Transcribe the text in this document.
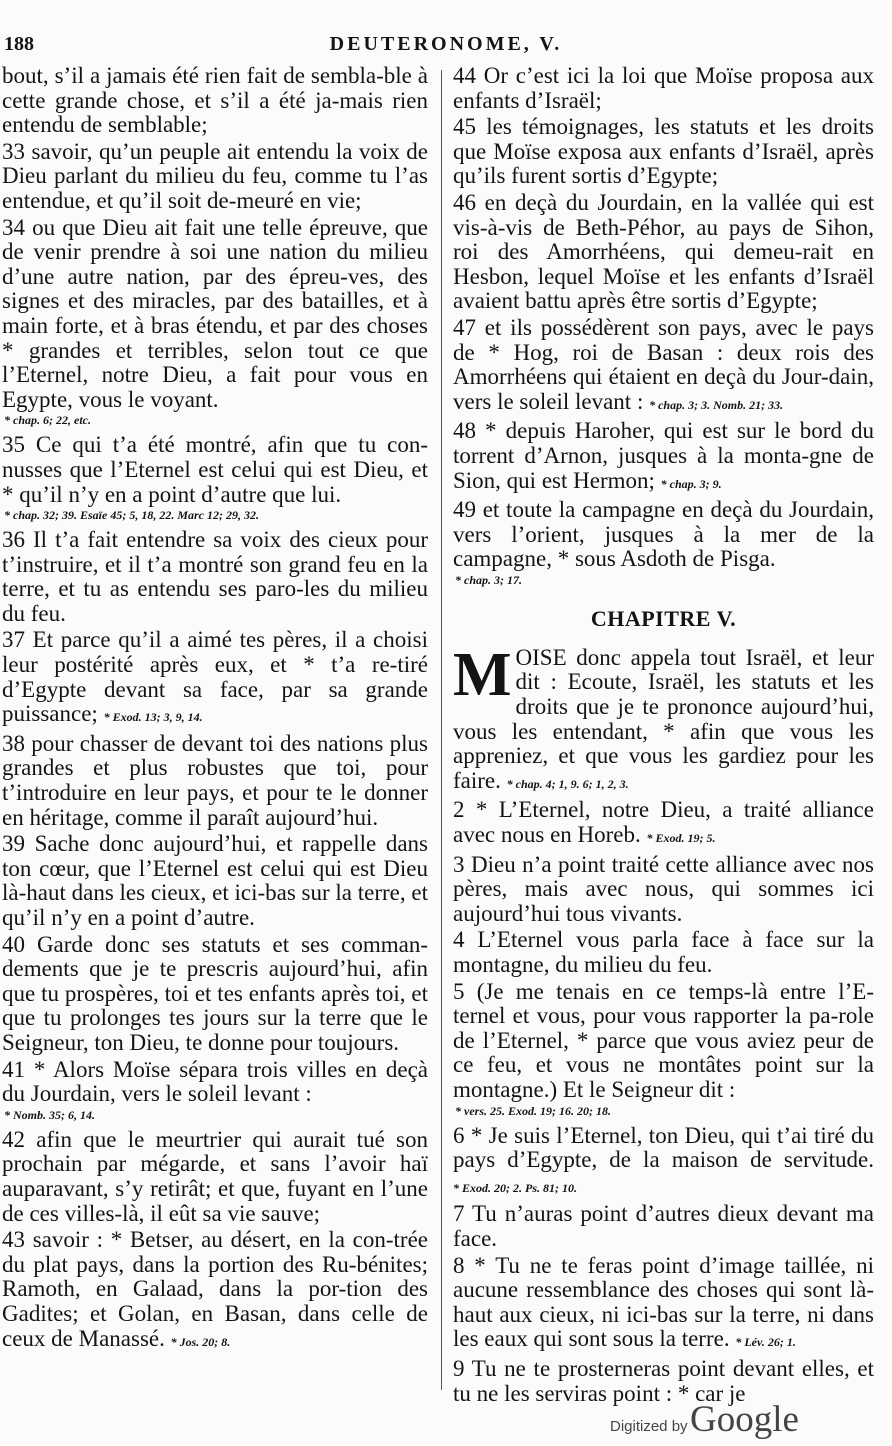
188	DEUTERONOME, V.

bout, s’il a jamais été rien fait de sembla-ble à cette grande chose, et s’il a été ja-mais rien entendu de semblable;

33 savoir, qu’un peuple ait entendu la voix de Dieu parlant du milieu du feu, comme tu l’as entendue, et qu’il soit de-meuré en vie;

34 ou que Dieu ait fait une telle épreuve, que de venir prendre à soi une nation du milieu d’une autre nation, par des épreu-ves, des signes et des miracles, par des batailles, et à main forte, et à bras étendu, et par des choses * grandes et terribles, selon tout ce que l’Eternel, notre Dieu, a fait pour vous en Egypte, vous le voyant.

* chap. 6; 22, etc.

35 Ce qui t’a été montré, afin que tu con-nusses que l’Eternel est celui qui est Dieu, et * qu’il n’y en a point d’autre que lui.

* chap. 32; 39. Esaïe 45; 5, 18, 22. Marc 12; 29, 32.

36 Il t’a fait entendre sa voix des cieux pour t’instruire, et il t’a montré son grand feu en la terre, et tu as entendu ses paro-les du milieu du feu.

37 Et parce qu’il a aimé tes pères, il a choisi leur postérité après eux, et * t’a re-tiré d’Egypte devant sa face, par sa grande puissance; * Exod. 13; 3, 9, 14.

38 pour chasser de devant toi des nations plus grandes et plus robustes que toi, pour t’introduire en leur pays, et pour te le donner en héritage, comme il paraît aujourd’hui.

39 Sache donc aujourd’hui, et rappelle dans ton cœur, que l’Eternel est celui qui est Dieu là-haut dans les cieux, et ici-bas sur la terre, et qu’il n’y en a point d’autre.

40 Garde donc ses statuts et ses comman-dements que je te prescris aujourd’hui, afin que tu prospères, toi et tes enfants après toi, et que tu prolonges tes jours sur la terre que le Seigneur, ton Dieu, te donne pour toujours.

41 * Alors Moïse sépara trois villes en deçà du Jourdain, vers le soleil levant :

* Nomb. 35; 6, 14.

42 afin que le meurtrier qui aurait tué son prochain par mégarde, et sans l’avoir haï auparavant, s’y retirât; et que, fuyant en l’une de ces villes-là, il eût sa vie sauve;

43 savoir : * Betser, au désert, en la con-trée du plat pays, dans la portion des Ru-bénites; Ramoth, en Galaad, dans la por-tion des Gadites; et Golan, en Basan, dans celle de ceux de Manassé. * Jos. 20; 8.

44 Or c’est ici la loi que Moïse proposa aux enfants d’Israël;

45 les témoignages, les statuts et les droits que Moïse exposa aux enfants d’Israël, après qu’ils furent sortis d’Egypte;

46 en deçà du Jourdain, en la vallée qui est vis-à-vis de Beth-Péhor, au pays de Sihon, roi des Amorrhéens, qui demeu-rait en Hesbon, lequel Moïse et les enfants d’Israël avaient battu après être sortis d’Egypte;

47 et ils possédèrent son pays, avec le pays de * Hog, roi de Basan : deux rois des Amorrhéens qui étaient en deçà du Jour-dain, vers le soleil levant : * chap. 3; 3. Nomb. 21; 33.

48 * depuis Haroher, qui est sur le bord du torrent d’Arnon, jusques à la monta-gne de Sion, qui est Hermon; * chap. 3; 9.

49 et toute la campagne en deçà du Jourdain, vers l’orient, jusques à la mer de la campagne, * sous Asdoth de Pisga.

* chap. 3; 17.
CHAPITRE V.

MOISE donc appela tout Israël, et leur dit : Ecoute, Israël, les statuts et les droits que je te prononce aujourd’hui, vous les entendant, * afin que vous les appreniez, et que vous les gardiez pour les faire. * chap. 4; 1, 9. 6; 1, 2, 3.

2 * L’Eternel, notre Dieu, a traité alliance avec nous en Horeb. * Exod. 19; 5.

3 Dieu n’a point traité cette alliance avec nos pères, mais avec nous, qui sommes ici aujourd’hui tous vivants.

4 L’Eternel vous parla face à face sur la montagne, du milieu du feu.

5 (Je me tenais en ce temps-là entre l’E-ternel et vous, pour vous rapporter la pa-role de l’Eternel, * parce que vous aviez peur de ce feu, et vous ne montâtes point sur la montagne.) Et le Seigneur dit :

* vers. 25. Exod. 19; 16. 20; 18.

6 * Je suis l’Eternel, ton Dieu, qui t’ai tiré du pays d’Egypte, de la maison de servitude. * Exod. 20; 2. Ps. 81; 10.

7 Tu n’auras point d’autres dieux devant ma face.

8 * Tu ne te feras point d’image taillée, ni aucune ressemblance des choses qui sont là-haut aux cieux, ni ici-bas sur la terre, ni dans les eaux qui sont sous la terre. * Lév. 26; 1.

9 Tu ne te prosterneras point devant elles, et tu ne les serviras point : * car je

Digitized by Google
